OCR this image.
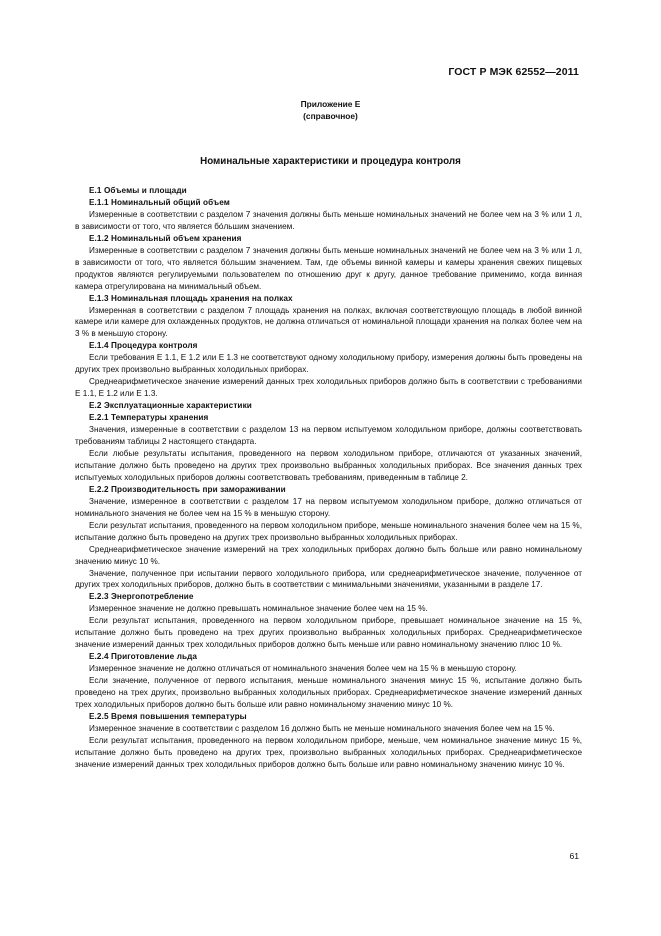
ГОСТ Р МЭК 62552—2011
Приложение Е
(справочное)
Номинальные характеристики и процедура контроля
Е.1 Объемы и площади
Е.1.1 Номинальный общий объем

Измеренные в соответствии с разделом 7 значения должны быть меньше номинальных значений не более чем на 3 % или 1 л, в зависимости от того, что является бóльшим значением.

Е.1.2 Номинальный объем хранения

Измеренные в соответствии с разделом 7 значения должны быть меньше номинальных значений не более чем на 3 % или 1 л, в зависимости от того, что является бóльшим значением. Там, где объемы винной камеры и камеры хранения свежих пищевых продуктов являются регулируемыми пользователем по отношению друг к другу, данное требование применимо, когда винная камера отрегулирована на минимальный объем.

Е.1.3 Номинальная площадь хранения на полках

Измеренная в соответствии с разделом 7 площадь хранения на полках, включая соответствующую площадь в любой винной камере или камере для охлажденных продуктов, не должна отличаться от номинальной площади хранения на полках более чем на 3 % в меньшую сторону.

Е.1.4 Процедура контроля

Если требования Е 1.1, Е 1.2 или Е 1.3 не соответствуют одному холодильному прибору, измерения должны быть проведены на других трех произвольно выбранных холодильных приборах.

Среднеарифметическое значение измерений данных трех холодильных приборов должно быть в соответствии с требованиями Е 1.1, Е 1.2 или Е 1.3.

Е.2 Эксплуатационные характеристики
Е.2.1 Температуры хранения

Значения, измеренные в соответствии с разделом 13 на первом испытуемом холодильном приборе, должны соответствовать требованиям таблицы 2 настоящего стандарта.

Если любые результаты испытания, проведенного на первом холодильном приборе, отличаются от указанных значений, испытание должно быть проведено на других трех произвольно выбранных холодильных приборах. Все значения данных трех испытуемых холодильных приборов должны соответствовать требованиям, приведенным в таблице 2.

Е.2.2 Производительность при замораживании

Значение, измеренное в соответствии с разделом 17 на первом испытуемом холодильном приборе, должно отличаться от номинального значения не более чем на 15 % в меньшую сторону.

Если результат испытания, проведенного на первом холодильном приборе, меньше номинального значения более чем на 15 %, испытание должно быть проведено на других трех произвольно выбранных холодильных приборах.

Среднеарифметическое значение измерений на трех холодильных приборах должно быть больше или равно номинальному значению минус 10 %.

Значение, полученное при испытании первого холодильного прибора, или среднеарифметическое значение, полученное от других трех холодильных приборов, должно быть в соответствии с минимальными значениями, указанными в разделе 17.

Е.2.3 Энергопотребление

Измеренное значение не должно превышать номинальное значение более чем на 15 %.

Если результат испытания, проведенного на первом холодильном приборе, превышает номинальное значение на 15 %, испытание должно быть проведено на трех других произвольно выбранных холодильных приборах. Среднеарифметическое значение измерений данных трех холодильных приборов должно быть меньше или равно номинальному значению плюс 10 %.

Е.2.4 Приготовление льда

Измеренное значение не должно отличаться от номинального значения более чем на 15 % в меньшую сторону.

Если значение, полученное от первого испытания, меньше номинального значения минус 15 %, испытание должно быть проведено на трех других, произвольно выбранных холодильных приборах. Среднеарифметическое значение измерений данных трех холодильных приборов должно быть больше или равно номинальному значению минус 10 %.

Е.2.5 Время повышения температуры

Измеренное значение в соответствии с разделом 16 должно быть не меньше номинального значения более чем на 15 %.

Если результат испытания, проведенного на первом холодильном приборе, меньше, чем номинальное значение минус 15 %, испытание должно быть проведено на других трех, произвольно выбранных холодильных приборах. Среднеарифметическое значение измерений данных трех холодильных приборов должно быть больше или равно номинальному значению минус 10 %.

61
